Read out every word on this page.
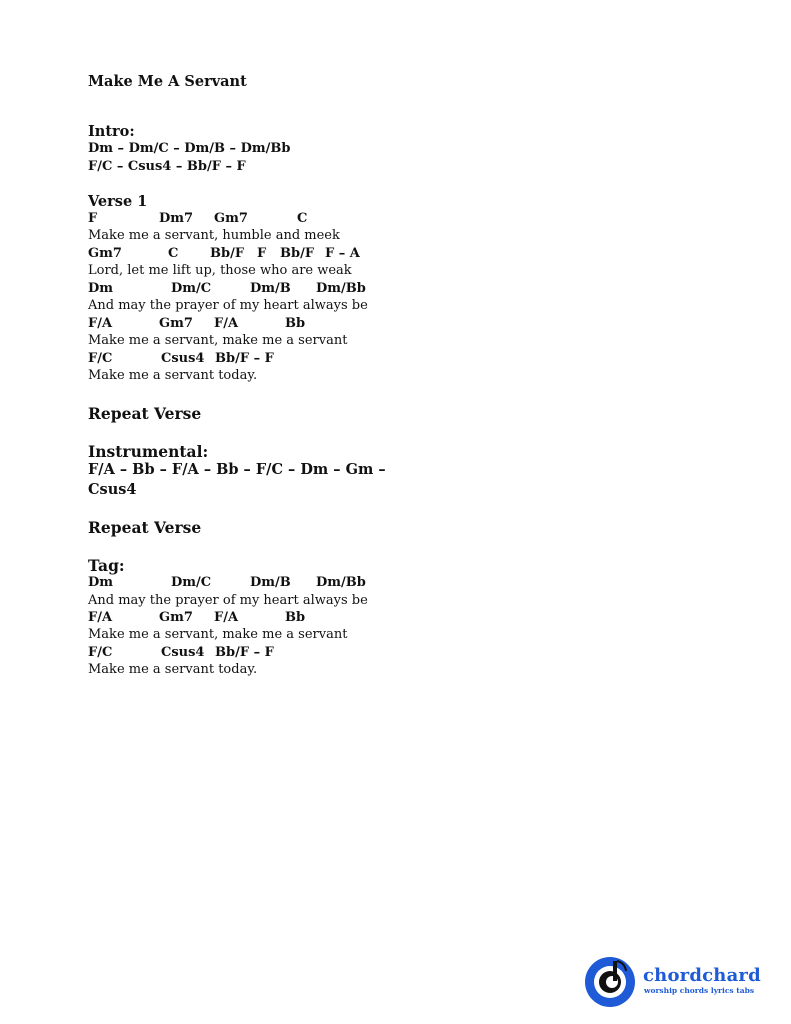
Make Me A Servant
Intro:
Dm – Dm/C – Dm/B – Dm/Bb
F/C – Csus4 – Bb/F – F
Verse 1
F	Dm7 Gm7	C
Make me a servant, humble and meek
Gm7	C Bb/F F Bb/F F – A
Lord, let me lift up, those who are weak
Dm	Dm/C	Dm/B Dm/Bb
And may the prayer of my heart always be
F/A	Gm7 F/A	Bb
Make me a servant, make me a servant
F/C	Csus4 Bb/F – F
Make me a servant today.
Repeat Verse
Instrumental:
F/A – Bb – F/A – Bb – F/C – Dm – Gm –
Csus4
Repeat Verse
Tag:
Dm	Dm/C	Dm/B Dm/Bb
And may the prayer of my heart always be
F/A	Gm7 F/A	Bb
Make me a servant, make me a servant
F/C	Csus4 Bb/F – F
Make me a servant today.
chordchard
worship chords lyrics tabs
